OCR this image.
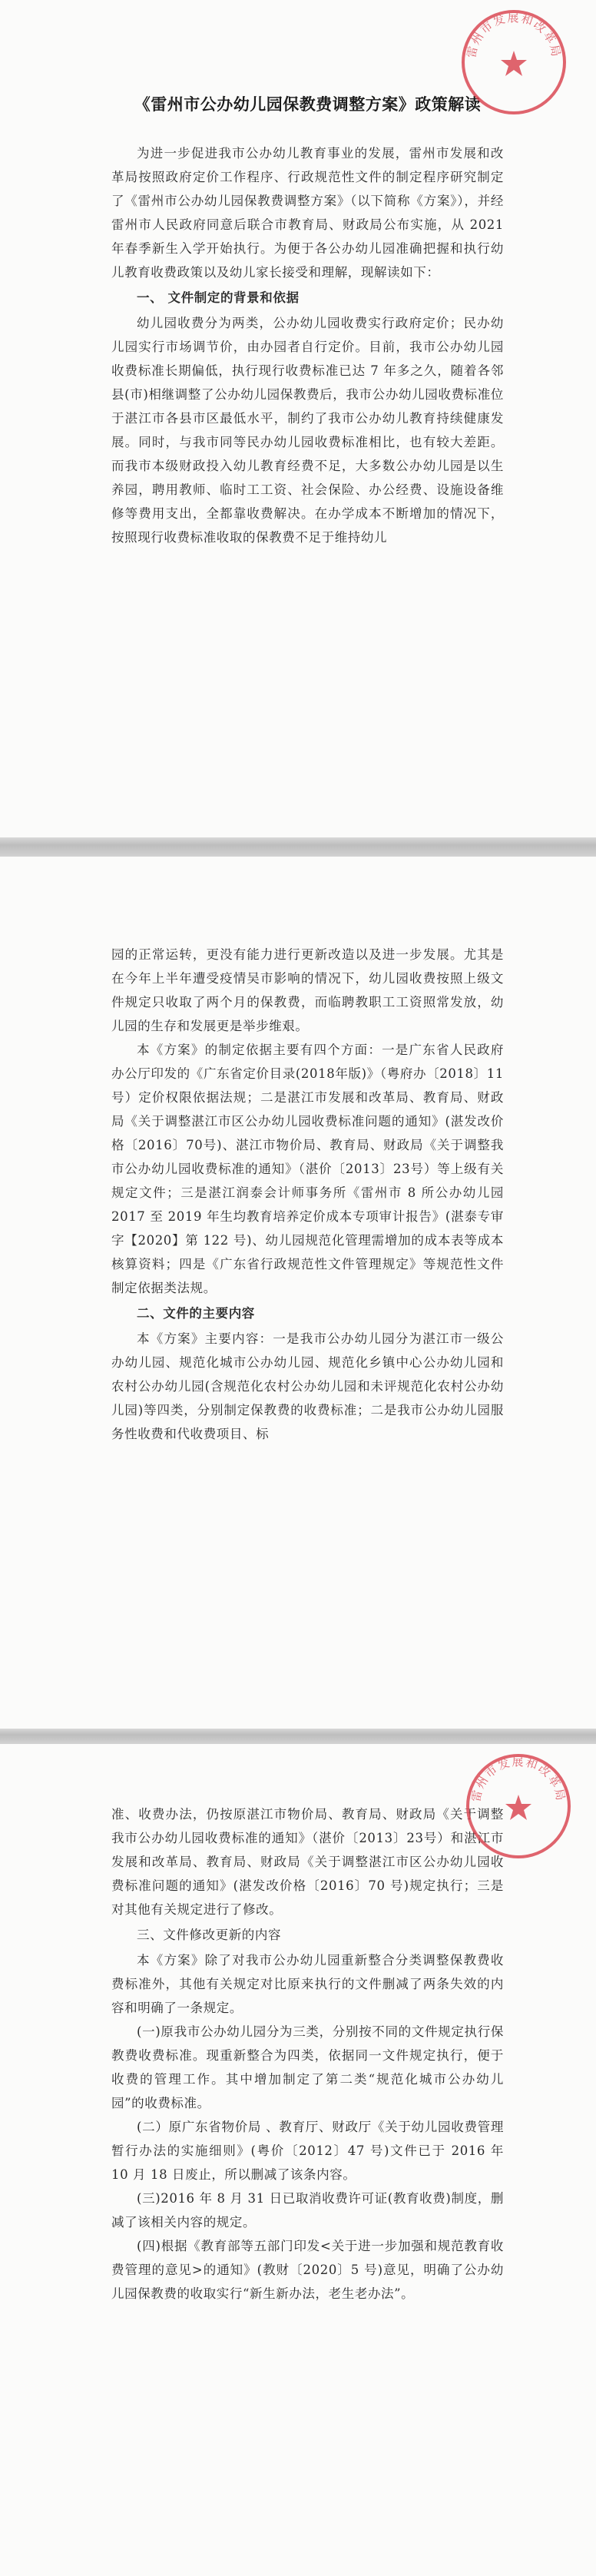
《雷州市公办幼儿园保教费调整方案》政策解读

为进一步促进我市公办幼儿教育事业的发展，雷州市发展和改革局按照政府定价工作程序、行政规范性文件的制定程序研究制定了《雷州市公办幼儿园保教费调整方案》（以下简称《方案》），并经雷州市人民政府同意后联合市教育局、财政局公布实施，从 2021 年春季新生入学开始执行。为便于各公办幼儿园准确把握和执行幼儿教育收费政策以及幼儿家长接受和理解，现解读如下：

一、 文件制定的背景和依据

幼儿园收费分为两类，公办幼儿园收费实行政府定价；民办幼儿园实行市场调节价，由办园者自行定价。目前，我市公办幼儿园收费标准长期偏低，执行现行收费标准已达 7 年多之久，随着各邻县(市)相继调整了公办幼儿园保教费后，我市公办幼儿园收费标准位于湛江市各县市区最低水平，制约了我市公办幼儿教育持续健康发展。同时，与我市同等民办幼儿园收费标准相比，也有较大差距。而我市本级财政投入幼儿教育经费不足，大多数公办幼儿园是以生养园，聘用教师、临时工工资、社会保险、办公经费、设施设备维修等费用支出，全都靠收费解决。在办学成本不断增加的情况下，按照现行收费标准收取的保教费不足于维持幼儿

雷州市发展和改革局

园的正常运转，更没有能力进行更新改造以及进一步发展。尤其是在今年上半年遭受疫情吴市影响的情况下，幼儿园收费按照上级文件规定只收取了两个月的保教费，而临聘教职工工资照常发放，幼儿园的生存和发展更是举步维艰。

本《方案》的制定依据主要有四个方面：一是广东省人民政府办公厅印发的《广东省定价目录(2018年版)》（粤府办〔2018〕11号）定价权限依据法规；二是湛江市发展和改革局、教育局、财政局《关于调整湛江市区公办幼儿园收费标准问题的通知》(湛发改价格〔2016〕70号)、湛江市物价局、教育局、财政局《关于调整我市公办幼儿园收费标准的通知》（湛价〔2013〕23号）等上级有关规定文件；三是湛江润泰会计师事务所《雷州市 8 所公办幼儿园 2017 至 2019 年生均教育培养定价成本专项审计报告》(湛泰专审字【2020】第 122 号)、幼儿园规范化管理需增加的成本表等成本核算资料；四是《广东省行政规范性文件管理规定》等规范性文件制定依据类法规。

二、文件的主要内容

本《方案》主要内容：一是我市公办幼儿园分为湛江市一级公办幼儿园、规范化城市公办幼儿园、规范化乡镇中心公办幼儿园和农村公办幼儿园(含规范化农村公办幼儿园和未评规范化农村公办幼儿园)等四类，分别制定保教费的收费标准；二是我市公办幼儿园服务性收费和代收费项目、标

准、收费办法，仍按原湛江市物价局、教育局、财政局《关于调整我市公办幼儿园收费标准的通知》（湛价〔2013〕23号）和湛江市发展和改革局、教育局、财政局《关于调整湛江市区公办幼儿园收费标准问题的通知》(湛发改价格〔2016〕70 号)规定执行；三是对其他有关规定进行了修改。

三、文件修改更新的内容

本《方案》除了对我市公办幼儿园重新整合分类调整保教费收费标准外，其他有关规定对比原来执行的文件删减了两条失效的内容和明确了一条规定。

(一)原我市公办幼儿园分为三类，分别按不同的文件规定执行保教费收费标准。现重新整合为四类，依据同一文件规定执行，便于收费的管理工作。其中增加制定了第二类“规范化城市公办幼儿园”的收费标准。

(二）原广东省物价局 、教育厅、财政厅《关于幼儿园收费管理暂行办法的实施细则》(粤价〔2012〕47 号)文件已于 2016 年 10 月 18 日废止，所以删减了该条内容。

(三)2016 年 8 月 31 日已取消收费许可证(教育收费)制度，删减了该相关内容的规定。

(四)根据《教育部等五部门印发<关于进一步加强和规范教育收费管理的意见>的通知》(教财〔2020〕5 号)意见，明确了公办幼儿园保教费的收取实行“新生新办法，老生老办法”。

雷州市发展和改革局
